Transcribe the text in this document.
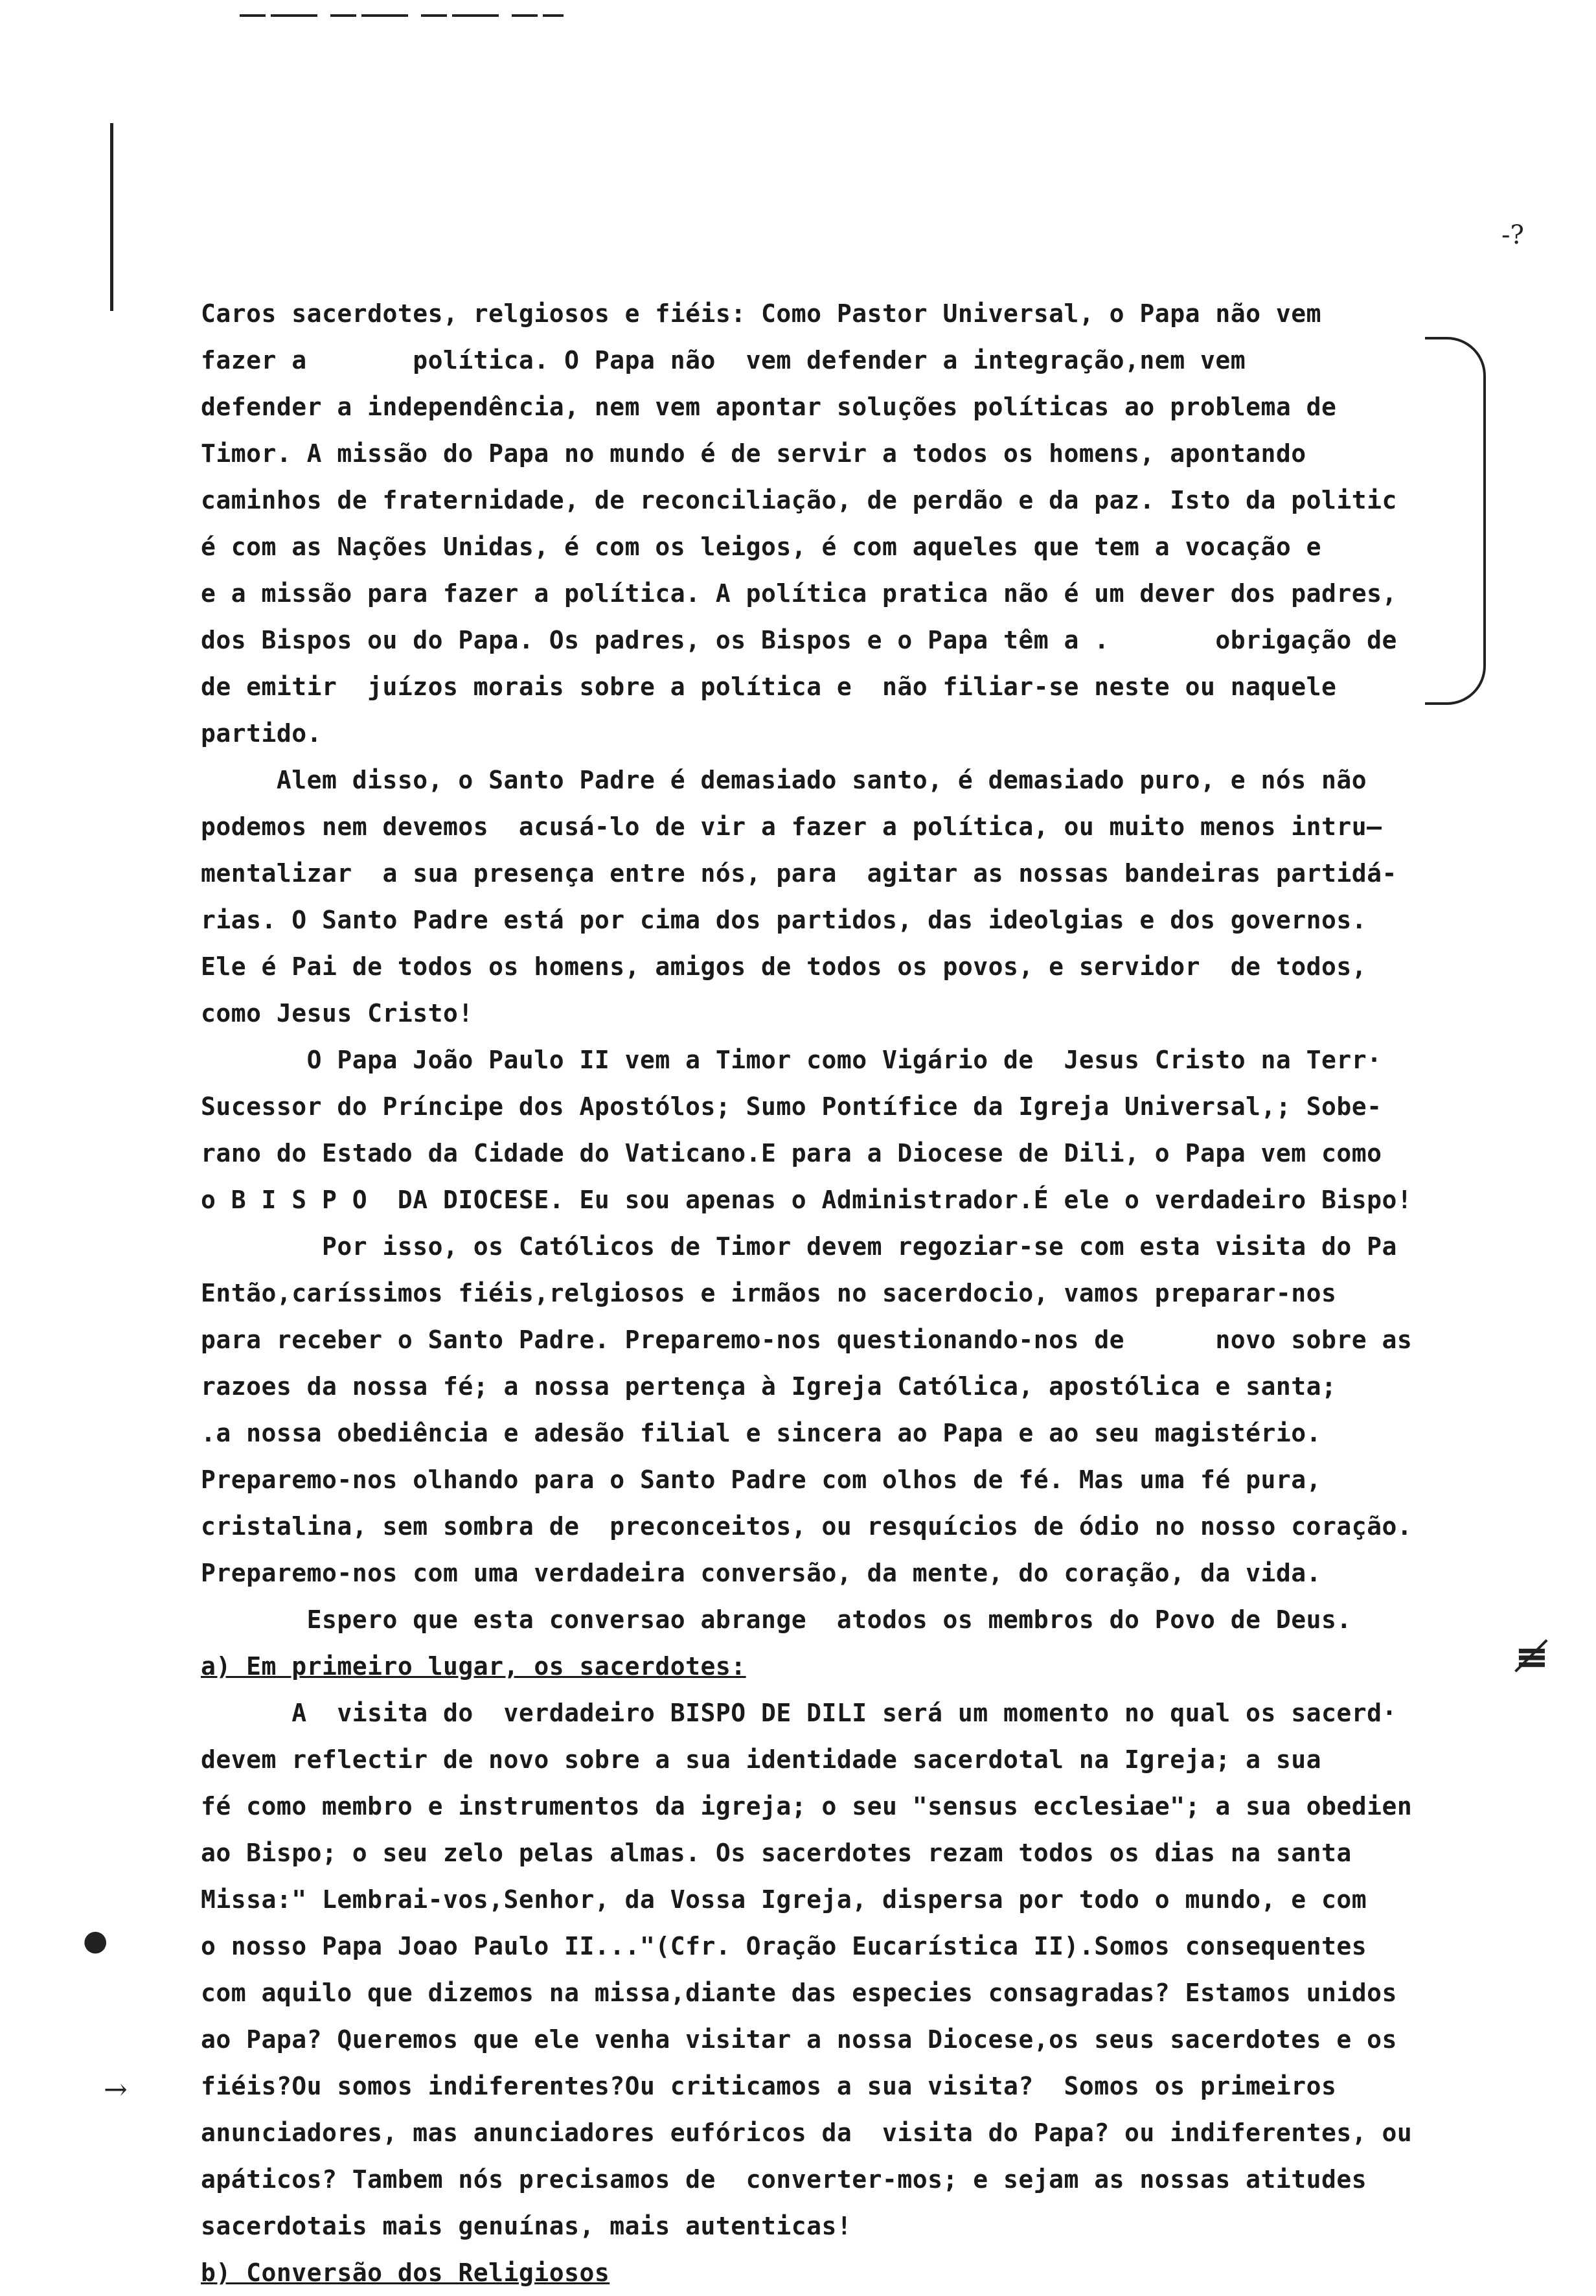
-?
≢
●
→
Caros sacerdotes, relgiosos e fiéis: Como Pastor Universal, o Papa não vem
fazer a       política. O Papa não  vem defender a integração,nem vem
defender a independência, nem vem apontar soluções políticas ao problema de
Timor. A missão do Papa no mundo é de servir a todos os homens, apontando
caminhos de fraternidade, de reconciliação, de perdão e da paz. Isto da politic
é com as Nações Unidas, é com os leigos, é com aqueles que tem a vocação e
e a missão para fazer a política. A política pratica não é um dever dos padres,
dos Bispos ou do Papa. Os padres, os Bispos e o Papa têm a .       obrigação de
de emitir  juízos morais sobre a política e  não filiar-se neste ou naquele
partido.
Alem disso, o Santo Padre é demasiado santo, é demasiado puro, e nós não
podemos nem devemos  acusá-lo de vir a fazer a política, ou muito menos intru—
mentalizar  a sua presença entre nós, para  agitar as nossas bandeiras partidá-
rias. O Santo Padre está por cima dos partidos, das ideolgias e dos governos.
Ele é Pai de todos os homens, amigos de todos os povos, e servidor  de todos,
como Jesus Cristo!
O Papa João Paulo II vem a Timor como Vigário de  Jesus Cristo na Terr·
Sucessor do Príncipe dos Apostólos; Sumo Pontífice da Igreja Universal,; Sobe-
rano do Estado da Cidade do Vaticano.E para a Diocese de Dili, o Papa vem como
o B I S P O  DA DIOCESE. Eu sou apenas o Administrador.É ele o verdadeiro Bispo!
Por isso, os Católicos de Timor devem regoziar-se com esta visita do Pa
Então,caríssimos fiéis,relgiosos e irmãos no sacerdocio, vamos preparar-nos
para receber o Santo Padre. Preparemo-nos questionando-nos de      novo sobre as
razoes da nossa fé; a nossa pertença à Igreja Católica, apostólica e santa;
.a nossa obediência e adesão filial e sincera ao Papa e ao seu magistério.
Preparemo-nos olhando para o Santo Padre com olhos de fé. Mas uma fé pura,
cristalina, sem sombra de  preconceitos, ou resquícios de ódio no nosso coração.
Preparemo-nos com uma verdadeira conversão, da mente, do coração, da vida.
Espero que esta conversao abrange  atodos os membros do Povo de Deus.
a) Em primeiro lugar, os sacerdotes:
A  visita do  verdadeiro BISPO DE DILI será um momento no qual os sacerd·
devem reflectir de novo sobre a sua identidade sacerdotal na Igreja; a sua
fé como membro e instrumentos da igreja; o seu "sensus ecclesiae"; a sua obedien
ao Bispo; o seu zelo pelas almas. Os sacerdotes rezam todos os dias na santa
Missa:" Lembrai-vos,Senhor, da Vossa Igreja, dispersa por todo o mundo, e com
o nosso Papa Joao Paulo II..."(Cfr. Oração Eucarística II).Somos consequentes
com aquilo que dizemos na missa,diante das especies consagradas? Estamos unidos
ao Papa? Queremos que ele venha visitar a nossa Diocese,os seus sacerdotes e os
fiéis?Ou somos indiferentes?Ou criticamos a sua visita?  Somos os primeiros
anunciadores, mas anunciadores eufóricos da  visita do Papa? ou indiferentes, ou
apáticos? Tambem nós precisamos de  converter-mos; e sejam as nossas atitudes
sacerdotais mais genuínas, mais autenticas!
b) Conversão dos Religiosos
